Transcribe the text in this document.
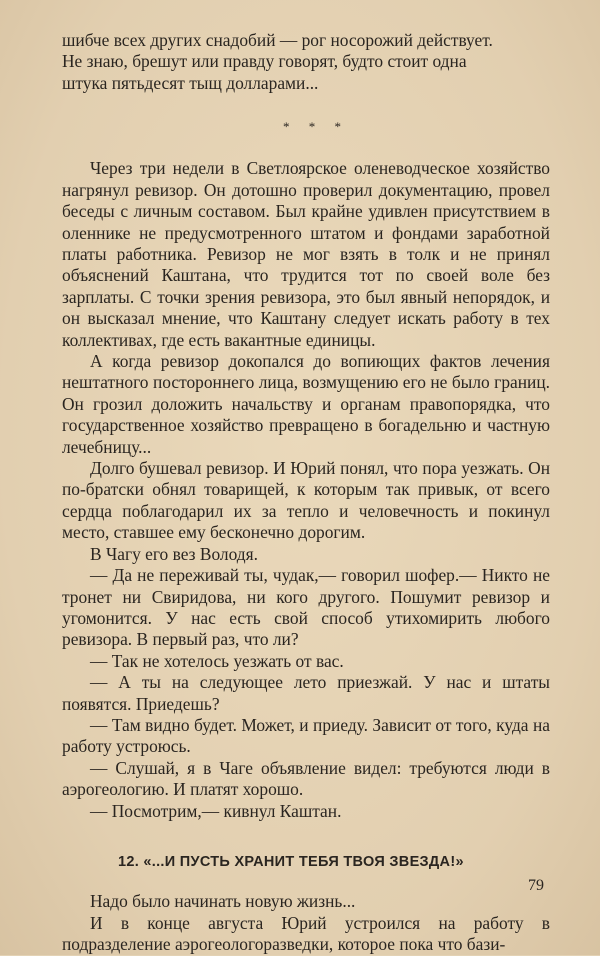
шибче всех других снадобий — рог носорожий действует.

Не знаю, брешут или правду говорят, будто стоит одна

штука пятьдесят тыщ долларами...

* * *

Через три недели в Светлоярское оленеводческое хозяйство нагрянул ревизор. Он дотошно проверил документацию, провел беседы с личным составом. Был крайне удивлен присутствием в оленнике не предусмотренного штатом и фондами заработной платы работника. Ревизор не мог взять в толк и не принял объяснений Каштана, что трудится тот по своей воле без зарплаты. С точки зрения ревизора, это был явный непорядок, и он высказал мнение, что Каштану следует искать работу в тех коллективах, где есть вакантные единицы.

А когда ревизор докопался до вопиющих фактов лечения нештатного постороннего лица, возмущению его не было границ. Он грозил доложить начальству и органам правопорядка, что государственное хозяйство превращено в богадельню и частную лечебницу...

Долго бушевал ревизор. И Юрий понял, что пора уезжать. Он по-братски обнял товарищей, к которым так привык, от всего сердца поблагодарил их за тепло и человечность и покинул место, ставшее ему бесконечно дорогим.

В Чагу его вез Володя.

— Да не переживай ты, чудак,— говорил шофер.— Никто не тронет ни Свиридова, ни кого другого. Пошумит ревизор и угомонится. У нас есть свой способ утихомирить любого ревизора. В первый раз, что ли?

— Так не хотелось уезжать от вас.

— А ты на следующее лето приезжай. У нас и штаты появятся. Приедешь?

— Там видно будет. Может, и приеду. Зависит от того, куда на работу устроюсь.

— Слушай, я в Чаге объявление видел: требуются люди в аэрогеологию. И платят хорошо.

— Посмотрим,— кивнул Каштан.

12. «...И ПУСТЬ ХРАНИТ ТЕБЯ ТВОЯ ЗВЕЗДА!»

Надо было начинать новую жизнь...

И в конце августа Юрий устроился на работу в подразделение аэрогеологоразведки, которое пока что бази-

79
